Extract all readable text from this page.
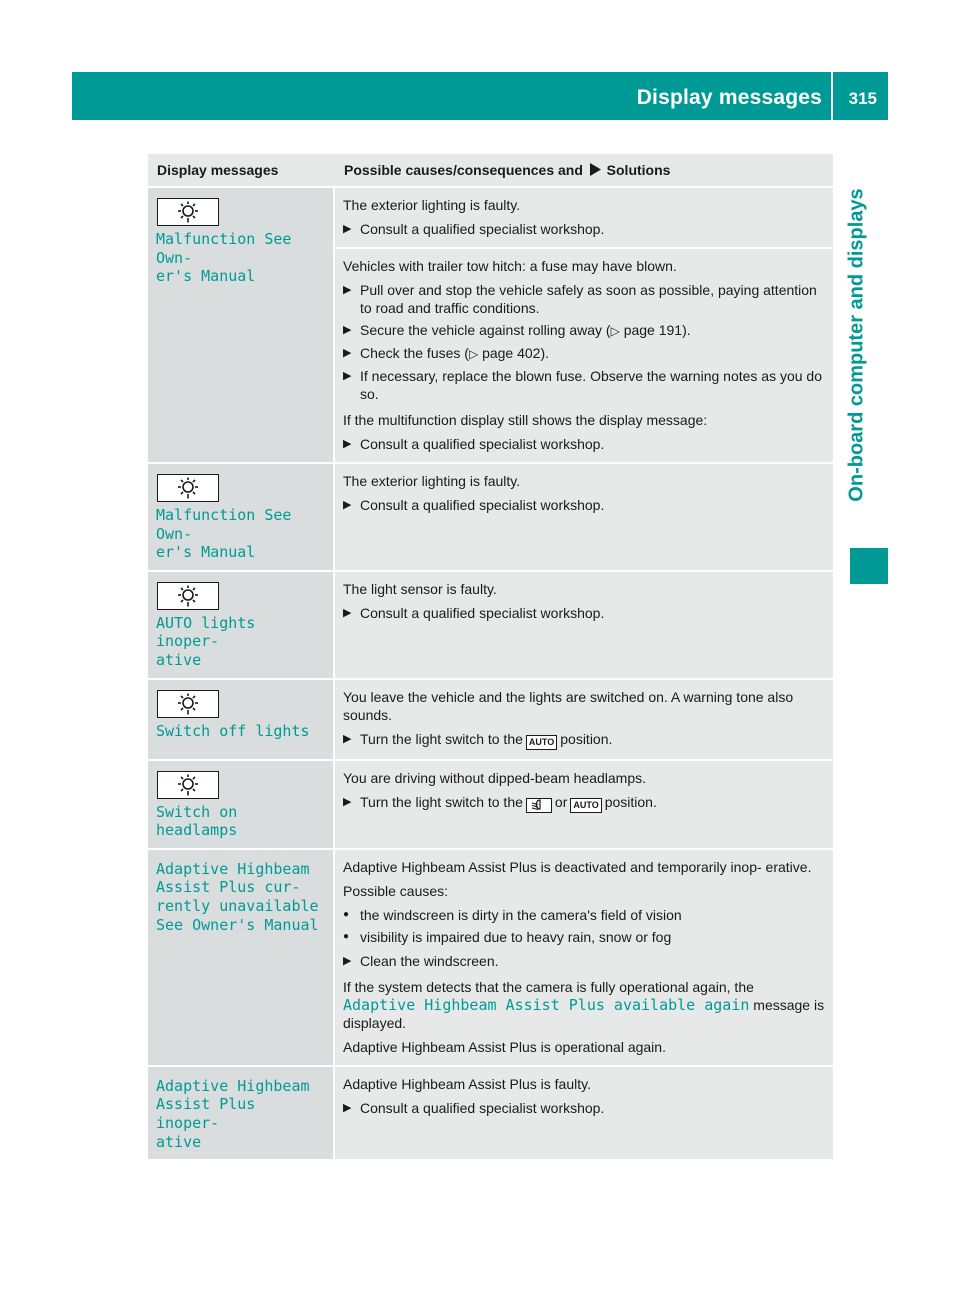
Display messages 315
On-board computer and displays
Display messages	Possible causes/consequences and Solutions
Malfunction See Own‐
er's Manual

The exterior lighting is faulty.

▶ Consult a qualified specialist workshop.

Vehicles with trailer tow hitch: a fuse may have blown.

▶ Pull over and stop the vehicle safely as soon as possible, paying attention to road and traffic conditions.
▶ Secure the vehicle against rolling away (▷ page 191).
▶ Check the fuses (▷ page 402).
▶ If necessary, replace the blown fuse. Observe the warning notes as you do so.

If the multifunction display still shows the display message:

▶ Consult a qualified specialist workshop.
Malfunction See Own‐
er's Manual

The exterior lighting is faulty.

▶ Consult a qualified specialist workshop.
AUTO lights inoper‐
ative

The light sensor is faulty.

▶ Consult a qualified specialist workshop.
Switch off lights

You leave the vehicle and the lights are switched on. A warning tone also sounds.

▶ Turn the light switch to the AUTO position.
Switch on headlamps

You are driving without dipped-beam headlamps.

▶ Turn the light switch to the or AUTO position.
Adaptive Highbeam
Assist Plus cur‐
rently unavailable
See Owner's Manual

Adaptive Highbeam Assist Plus is deactivated and temporarily inop‐ erative.

Possible causes:

● the windscreen is dirty in the camera's field of vision
● visibility is impaired due to heavy rain, snow or fog
▶ Clean the windscreen.

If the system detects that the camera is fully operational again, the Adaptive Highbeam Assist Plus available again message is displayed.

Adaptive Highbeam Assist Plus is operational again.

Adaptive Highbeam
Assist Plus inoper‐
ative

Adaptive Highbeam Assist Plus is faulty.

▶ Consult a qualified specialist workshop.
